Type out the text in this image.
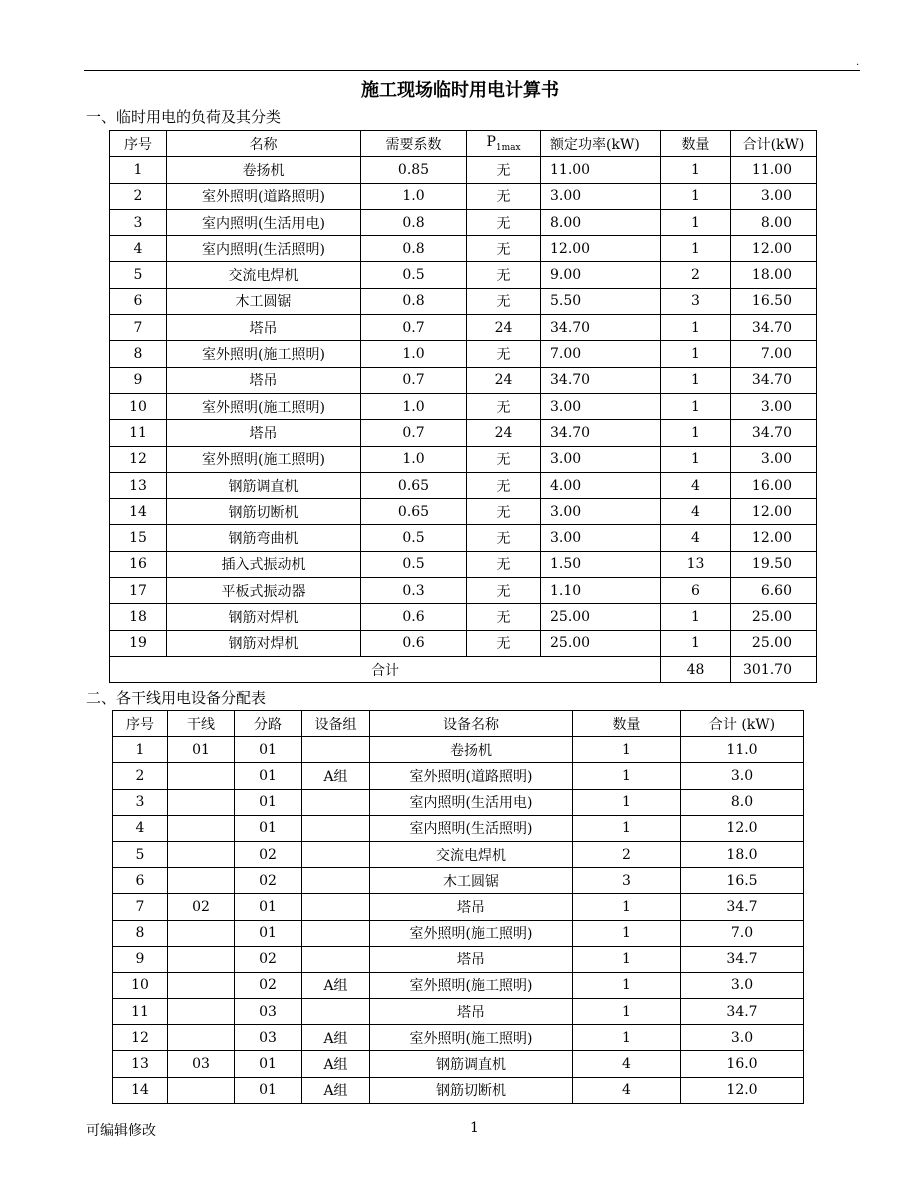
.
施工现场临时用电计算书
一、临时用电的负荷及其分类
序号	名称	需要系数	$P_{1max}$	额定功率(kW)	数量	合计(kW)
1	卷扬机	0.85	无	11.00	1	11.00
2	室外照明(道路照明)	1.0	无	3.00	1	3.00
3	室内照明(生活用电)	0.8	无	8.00	1	8.00
4	室内照明(生活照明)	0.8	无	12.00	1	12.00
5	交流电焊机	0.5	无	9.00	2	18.00
6	木工圆锯	0.8	无	5.50	3	16.50
7	塔吊	0.7	24	34.70	1	34.70
8	室外照明(施工照明)	1.0	无	7.00	1	7.00
9	塔吊	0.7	24	34.70	1	34.70
10	室外照明(施工照明)	1.0	无	3.00	1	3.00
11	塔吊	0.7	24	34.70	1	34.70
12	室外照明(施工照明)	1.0	无	3.00	1	3.00
13	钢筋调直机	0.65	无	4.00	4	16.00
14	钢筋切断机	0.65	无	3.00	4	12.00
15	钢筋弯曲机	0.5	无	3.00	4	12.00
16	插入式振动机	0.5	无	1.50	13	19.50
17	平板式振动器	0.3	无	1.10	6	6.60
18	钢筋对焊机	0.6	无	25.00	1	25.00
19	钢筋对焊机	0.6	无	25.00	1	25.00
合计					48	301.70
二、各干线用电设备分配表
序号	干线	分路	设备组	设备名称	数量	合计 (kW)
1	01	01		卷扬机	1	11.0
2		01	A组	室外照明(道路照明)	1	3.0
3		01		室内照明(生活用电)	1	8.0
4		01		室内照明(生活照明)	1	12.0
5		02		交流电焊机	2	18.0
6		02		木工圆锯	3	16.5
7	02	01		塔吊	1	34.7
8		01		室外照明(施工照明)	1	7.0
9		02		塔吊	1	34.7
10		02	A组	室外照明(施工照明)	1	3.0
11		03		塔吊	1	34.7
12		03	A组	室外照明(施工照明)	1	3.0
13	03	01	A组	钢筋调直机	4	16.0
14		01	A组	钢筋切断机	4	12.0
可编辑修改	1
